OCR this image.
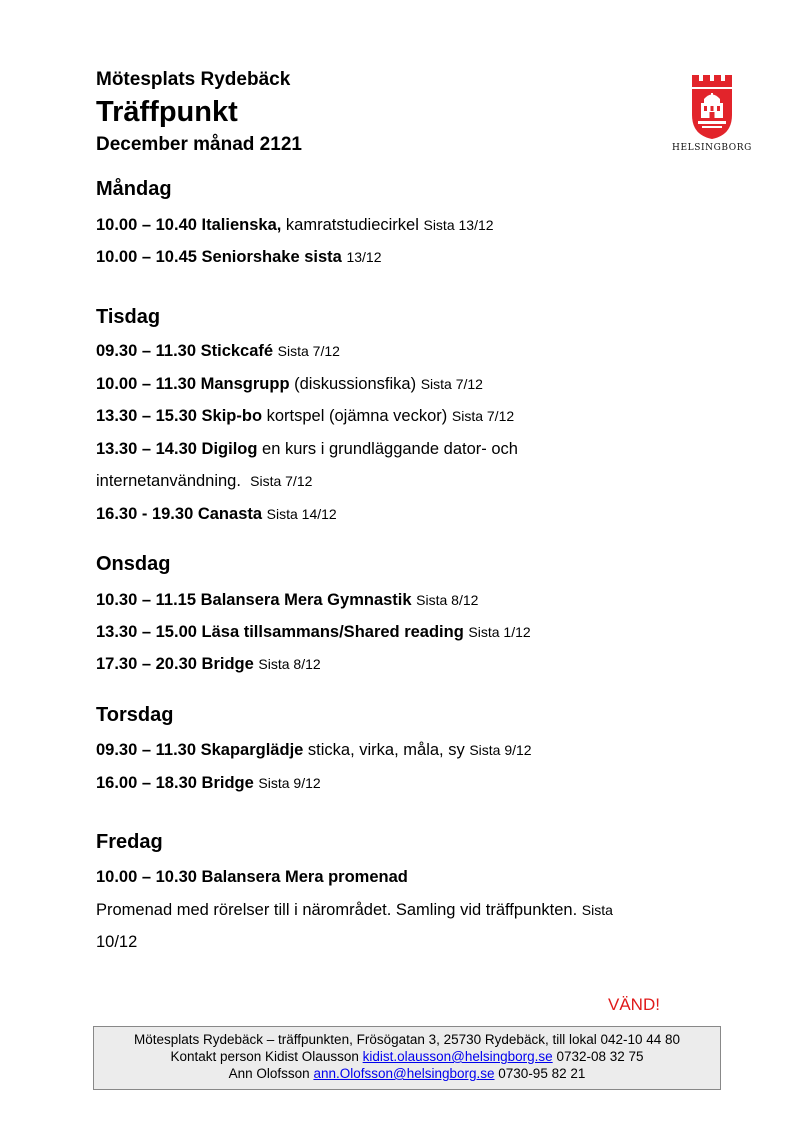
Mötesplats Rydebäck
Träffpunkt
December månad 2121	HELSINGBORG
Måndag
10.00 – 10.40 Italienska, kamratstudiecirkel Sista 13/12
10.00 – 10.45 Seniorshake sista 13/12
Tisdag
09.30 – 11.30 Stickcafé Sista 7/12
10.00 – 11.30 Mansgrupp (diskussionsfika) Sista 7/12
13.30 – 15.30 Skip-bo kortspel (ojämna veckor) Sista 7/12
13.30 – 14.30 Digilog en kurs i grundläggande dator- och
internetanvändning. Sista 7/12
16.30 - 19.30 Canasta Sista 14/12
Onsdag
10.30 – 11.15 Balansera Mera Gymnastik Sista 8/12
13.30 – 15.00 Läsa tillsammans/Shared reading Sista 1/12
17.30 – 20.30 Bridge Sista 8/12
Torsdag
09.30 – 11.30 Skaparglädje sticka, virka, måla, sy Sista 9/12
16.00 – 18.30 Bridge Sista 9/12
Fredag
10.00 – 10.30 Balansera Mera promenad
Promenad med rörelser till i närområdet. Samling vid träffpunkten. Sista
10/12
VÄND!
Mötesplats Rydebäck – träffpunkten, Frösögatan 3, 25730 Rydebäck, till lokal 042-10 44 80
Kontakt person Kidist Olausson kidist.olausson@helsingborg.se 0732-08 32 75
Ann Olofsson ann.Olofsson@helsingborg.se 0730-95 82 21
